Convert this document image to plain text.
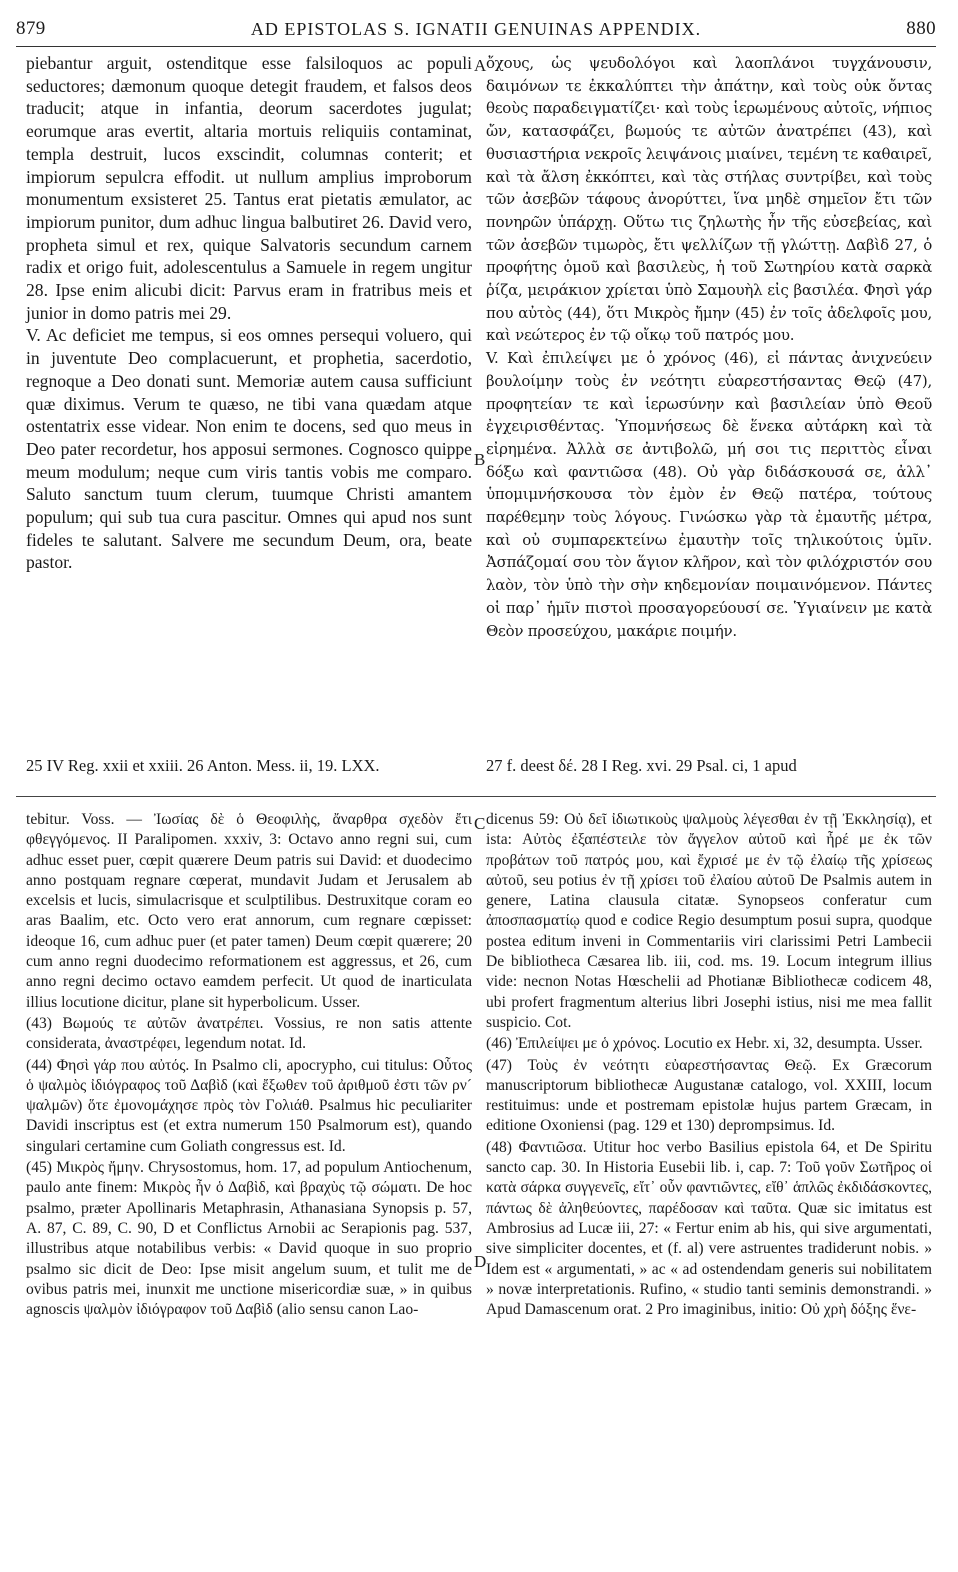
879	AD EPISTOLAS S. IGNATII GENUINAS APPENDIX.	880

piebantur arguit, ostenditque esse falsiloquos ac populi seductores; dæmonum quoque detegit fraudem, et falsos deos traducit; atque in infantia, deorum sacerdotes jugulat; eorumque aras evertit, altaria mortuis reliquiis contaminat, templa destruit, lucos exscindit, columnas conterit; et impiorum sepulcra effodit. ut nullum amplius improborum monumentum exsisteret 25. Tantus erat pietatis æmulator, ac impiorum punitor, dum adhuc lingua balbutiret 26. David vero, propheta simul et rex, quique Salvatoris secundum carnem radix et origo fuit, adolescentulus a Samuele in regem ungitur 28. Ipse enim alicubi dicit: Parvus eram in fratribus meis et junior in domo patris mei 29.

V. Ac deficiet me tempus, si eos omnes persequi voluero, qui in juventute Deo complacuerunt, et prophetia, sacerdotio, regnoque a Deo donati sunt. Memoriæ autem causa sufficiunt quæ diximus. Verum te quæso, ne tibi vana quædam atque ostentatrix esse videar. Non enim te docens, sed quo meus in Deo pater recordetur, hos apposui sermones. Cognosco quippe meum modulum; neque cum viris tantis vobis me comparo. Saluto sanctum tuum clerum, tuumque Christi amantem populum; qui sub tua cura pascitur. Omnes qui apud nos sunt fideles te salutant. Salvere me secundum Deum, ora, beate pastor.

ὄχους, ὡς ψευδολόγοι καὶ λαοπλάνοι τυγχάνουσιν, δαιμόνων τε ἐκκαλύπτει τὴν ἀπάτην, καὶ τοὺς οὐκ ὄντας θεοὺς παραδειγματίζει· καὶ τοὺς ἱερωμένους αὐτοῖς, νήπιος ὤν, κατασφάζει, βωμούς τε αὐτῶν ἀνατρέπει (43), καὶ θυσιαστήρια νεκροῖς λειψάνοις μιαίνει, τεμένη τε καθαιρεῖ, καὶ τὰ ἄλση ἐκκόπτει, καὶ τὰς στήλας συντρίβει, καὶ τοὺς τῶν ἀσεβῶν τάφους ἀνορύττει, ἵνα μηδὲ σημεῖον ἔτι τῶν πονηρῶν ὑπάρχῃ. Οὕτω τις ζηλωτὴς ἦν τῆς εὐσεβείας, καὶ τῶν ἀσεβῶν τιμωρὸς, ἔτι ψελλίζων τῇ γλώττῃ. Δαβὶδ 27, ὁ προφήτης ὁμοῦ καὶ βασιλεὺς, ἡ τοῦ Σωτηρίου κατὰ σαρκὰ ῥίζα, μειράκιον χρίεται ὑπὸ Σαμουὴλ εἰς βασιλέα. Φησὶ γάρ που αὐτὸς (44), ὅτι Μικρὸς ἤμην (45) ἐν τοῖς ἀδελφοῖς μου, καὶ νεώτερος ἐν τῷ οἴκῳ τοῦ πατρός μου.

V. Καὶ ἐπιλείψει με ὁ χρόνος (46), εἰ πάντας ἀνιχνεύειν βουλοίμην τοὺς ἐν νεότητι εὐαρεστήσαντας Θεῷ (47), προφητείαν τε καὶ ἱερωσύνην καὶ βασιλείαν ὑπὸ Θεοῦ ἐγχειρισθέντας. Ὑπομνήσεως δὲ ἕνεκα αὐτάρκη καὶ τὰ εἰρημένα. Ἀλλὰ σε ἀντιβολῶ, μή σοι τις περιττὸς εἶναι δόξω καὶ φαντιῶσα (48). Οὐ γὰρ διδάσκουσά σε, ἀλλ᾽ ὑπομιμνήσκουσα τὸν ἐμὸν ἐν Θεῷ πατέρα, τούτους παρέθεμην τοὺς λόγους. Γινώσκω γὰρ τὰ ἐμαυτῆς μέτρα, καὶ οὐ συμπαρεκτείνω ἐμαυτὴν τοῖς τηλικούτοις ὑμῖν. Ἀσπάζομαί σου τὸν ἅγιον κλῆρον, καὶ τὸν φιλόχριστόν σου λαὸν, τὸν ὑπὸ τὴν σὴν κηδεμονίαν ποιμαινόμενον. Πάντες οἱ παρ᾽ ἡμῖν πιστοὶ προσαγορεύουσί σε. Ὑγιαίνειν με κατὰ Θεὸν προσεύχου, μακάριε ποιμήν.

A
B
25 IV Reg. xxii et xxiii. 26 Anton. Mess. ii, 19. LXX.	27 f. deest δέ. 28 I Reg. xvi. 29 Psal. ci, 1 apud

tebitur. Voss. — Ἰωσίας δὲ ὁ Θεοφιλὴς, ἄναρθρα σχεδὸν ἔτι φθεγγόμενος. II Paralipomen. xxxiv, 3: Octavo anno regni sui, cum adhuc esset puer, cœpit quærere Deum patris sui David: et duodecimo anno postquam regnare cœperat, mundavit Judam et Jerusalem ab excelsis et lucis, simulacrisque et sculptilibus. Destruxitque coram eo aras Baalim, etc. Octo vero erat annorum, cum regnare cœpisset: ideoque 16, cum adhuc puer (et pater tamen) Deum cœpit quærere; 20 cum anno regni duodecimo reformationem est aggressus, et 26, cum anno regni decimo octavo eamdem perfecit. Ut quod de inarticulata illius locutione dicitur, plane sit hyperbolicum. Usser.

(43) Βωμούς τε αὐτῶν ἀνατρέπει. Vossius, re non satis attente considerata, ἀναστρέφει, legendum notat. Id.

(44) Φησὶ γάρ που αὐτός. In Psalmo cli, apocrypho, cui titulus: Οὗτος ὁ ψαλμὸς ἰδιόγραφος τοῦ Δαβὶδ (καὶ ἔξωθεν τοῦ ἀριθμοῦ ἐστι τῶν ρν´ ψαλμῶν) ὅτε ἐμονομάχησε πρὸς τὸν Γολιάθ. Psalmus hic peculiariter Davidi inscriptus est (et extra numerum 150 Psalmorum est), quando singulari certamine cum Goliath congressus est. Id.

(45) Μικρὸς ἤμην. Chrysostomus, hom. 17, ad populum Antiochenum, paulo ante finem: Μικρὸς ἦν ὁ Δαβὶδ, καὶ βραχὺς τῷ σώματι. De hoc psalmo, præter Apollinaris Metaphrasin, Athanasiana Synopsis p. 57, A. 87, C. 89, C. 90, D et Conflictus Arnobii ac Serapionis pag. 537, illustribus atque notabilibus verbis: « David quoque in suo proprio psalmo sic dicit de Deo: Ipse misit angelum suum, et tulit me de ovibus patris mei, inunxit me unctione misericordiæ suæ, » in quibus agnoscis ψαλμὸν ἰδιόγραφον τοῦ Δαβὶδ (alio sensu canon Lao-

dicenus 59: Οὐ δεῖ ἰδιωτικοὺς ψαλμοὺς λέγεσθαι ἐν τῇ Ἐκκλησίᾳ), et ista: Αὐτὸς ἐξαπέστειλε τὸν ἄγγελον αὐτοῦ καὶ ἦρέ με ἐκ τῶν προβάτων τοῦ πατρός μου, καὶ ἔχρισέ με ἐν τῷ ἐλαίῳ τῆς χρίσεως αὐτοῦ, seu potius ἐν τῇ χρίσει τοῦ ἐλαίου αὐτοῦ De Psalmis autem in genere, Latina clausula citatæ. Synopseos conferatur cum ἀποσπασματίῳ quod e codice Regio desumptum posui supra, quodque postea editum inveni in Commentariis viri clarissimi Petri Lambecii De bibliotheca Cæsarea lib. iii, cod. ms. 19. Locum integrum illius vide: necnon Notas Hœschelii ad Photianæ Bibliothecæ codicem 48, ubi profert fragmentum alterius libri Josephi istius, nisi me mea fallit suspicio. Cot.

(46) Ἐπιλείψει με ὁ χρόνος. Locutio ex Hebr. xi, 32, desumpta. Usser.

(47) Τοὺς ἐν νεότητι εὐαρεστήσαντας Θεῷ. Ex Græcorum manuscriptorum bibliothecæ Augustanæ catalogo, vol. XXIII, locum restituimus: unde et postremam epistolæ hujus partem Græcam, in editione Oxoniensi (pag. 129 et 130) deprompsimus. Id.

(48) Φαντιῶσα. Utitur hoc verbo Basilius epistola 64, et De Spiritu sancto cap. 30. In Historia Eusebii lib. i, cap. 7: Τοῦ γοῦν Σωτῆρος οἱ κατὰ σάρκα συγγενεῖς, εἴτ᾽ οὖν φαντιῶντες, εἴθ᾽ ἁπλῶς ἐκδιδάσκοντες, πάντως δὲ ἀληθεύοντες, παρέδοσαν καὶ ταῦτα. Quæ sic imitatus est Ambrosius ad Lucæ iii, 27: « Fertur enim ab his, qui sive argumentati, sive simpliciter docentes, et (f. al) vere astruentes tradiderunt nobis. » Idem est « argumentati, » ac « ad ostendendam generis sui nobilitatem » novæ interpretationis. Rufino, « studio tanti seminis demonstrandi. » Apud Damascenum orat. 2 Pro imaginibus, initio: Οὐ χρὴ δόξης ἕνε-

C
D
